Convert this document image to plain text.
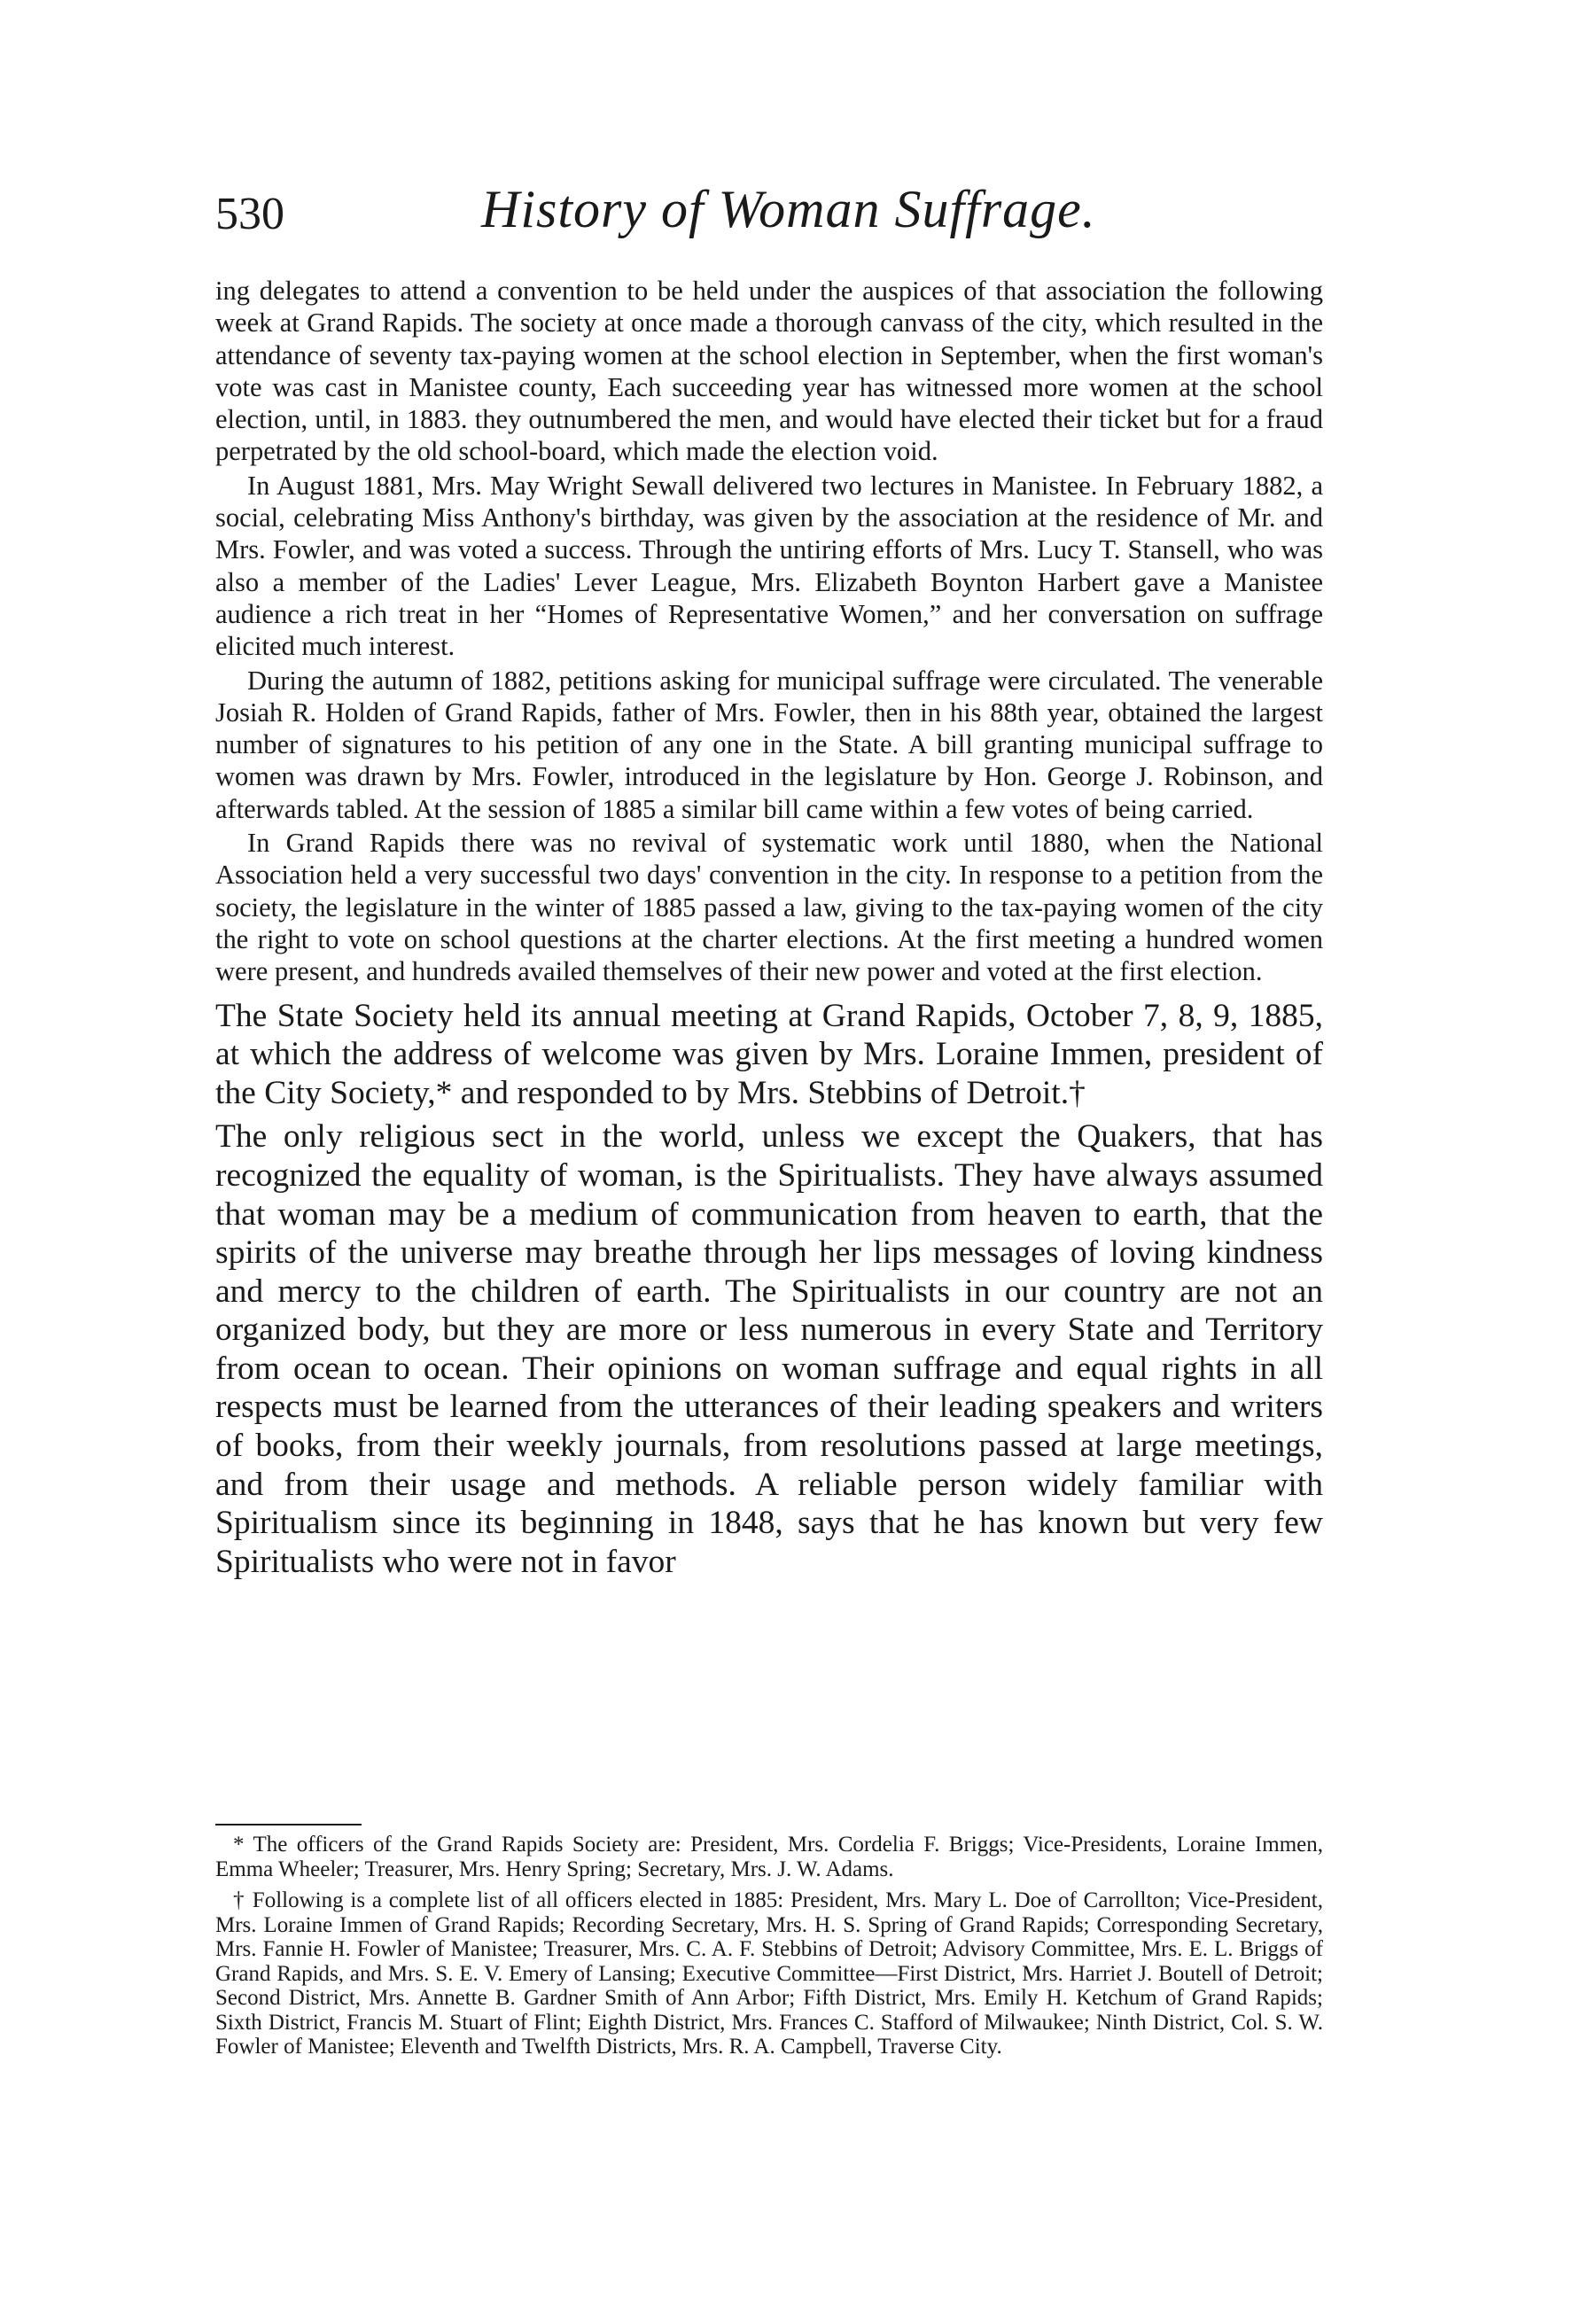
530	History of Woman Suffrage.

ing delegates to attend a convention to be held under the auspices of that association the following week at Grand Rapids. The society at once made a thorough canvass of the city, which resulted in the attendance of seventy tax-paying women at the school election in September, when the first woman's vote was cast in Manistee county, Each succeeding year has witnessed more women at the school election, until, in 1883. they outnumbered the men, and would have elected their ticket but for a fraud perpetrated by the old school-board, which made the election void.

In August 1881, Mrs. May Wright Sewall delivered two lectures in Manistee. In February 1882, a social, celebrating Miss Anthony's birthday, was given by the association at the residence of Mr. and Mrs. Fowler, and was voted a success. Through the untiring efforts of Mrs. Lucy T. Stansell, who was also a member of the Ladies' Lever League, Mrs. Elizabeth Boynton Harbert gave a Manistee audience a rich treat in her “Homes of Representative Women,” and her conversation on suffrage elicited much interest.

During the autumn of 1882, petitions asking for municipal suffrage were circulated. The venerable Josiah R. Holden of Grand Rapids, father of Mrs. Fowler, then in his 88th year, obtained the largest number of signatures to his petition of any one in the State. A bill granting municipal suffrage to women was drawn by Mrs. Fowler, introduced in the legislature by Hon. George J. Robinson, and afterwards tabled. At the session of 1885 a similar bill came within a few votes of being carried.

In Grand Rapids there was no revival of systematic work until 1880, when the National Association held a very successful two days' convention in the city. In response to a petition from the society, the legislature in the winter of 1885 passed a law, giving to the tax-paying women of the city the right to vote on school questions at the charter elections. At the first meeting a hundred women were present, and hundreds availed themselves of their new power and voted at the first election.

The State Society held its annual meeting at Grand Rapids, October 7, 8, 9, 1885, at which the address of welcome was given by Mrs. Loraine Immen, president of the City Society,* and responded to by Mrs. Stebbins of Detroit.†

The only religious sect in the world, unless we except the Quakers, that has recognized the equality of woman, is the Spiritualists. They have always assumed that woman may be a medium of communication from heaven to earth, that the spirits of the universe may breathe through her lips messages of loving kindness and mercy to the children of earth. The Spiritualists in our country are not an organized body, but they are more or less numerous in every State and Territory from ocean to ocean. Their opinions on woman suffrage and equal rights in all respects must be learned from the utterances of their leading speakers and writers of books, from their weekly journals, from resolutions passed at large meetings, and from their usage and methods. A reliable person widely familiar with Spiritualism since its beginning in 1848, says that he has known but very few Spiritualists who were not in favor

* The officers of the Grand Rapids Society are: President, Mrs. Cordelia F. Briggs; Vice-Presidents, Loraine Immen, Emma Wheeler; Treasurer, Mrs. Henry Spring; Secretary, Mrs. J. W. Adams.

† Following is a complete list of all officers elected in 1885: President, Mrs. Mary L. Doe of Carrollton; Vice-President, Mrs. Loraine Immen of Grand Rapids; Recording Secretary, Mrs. H. S. Spring of Grand Rapids; Corresponding Secretary, Mrs. Fannie H. Fowler of Manistee; Treasurer, Mrs. C. A. F. Stebbins of Detroit; Advisory Committee, Mrs. E. L. Briggs of Grand Rapids, and Mrs. S. E. V. Emery of Lansing; Executive Committee—First District, Mrs. Harriet J. Boutell of Detroit; Second District, Mrs. Annette B. Gardner Smith of Ann Arbor; Fifth District, Mrs. Emily H. Ketchum of Grand Rapids; Sixth District, Francis M. Stuart of Flint; Eighth District, Mrs. Frances C. Stafford of Milwaukee; Ninth District, Col. S. W. Fowler of Manistee; Eleventh and Twelfth Districts, Mrs. R. A. Campbell, Traverse City.
